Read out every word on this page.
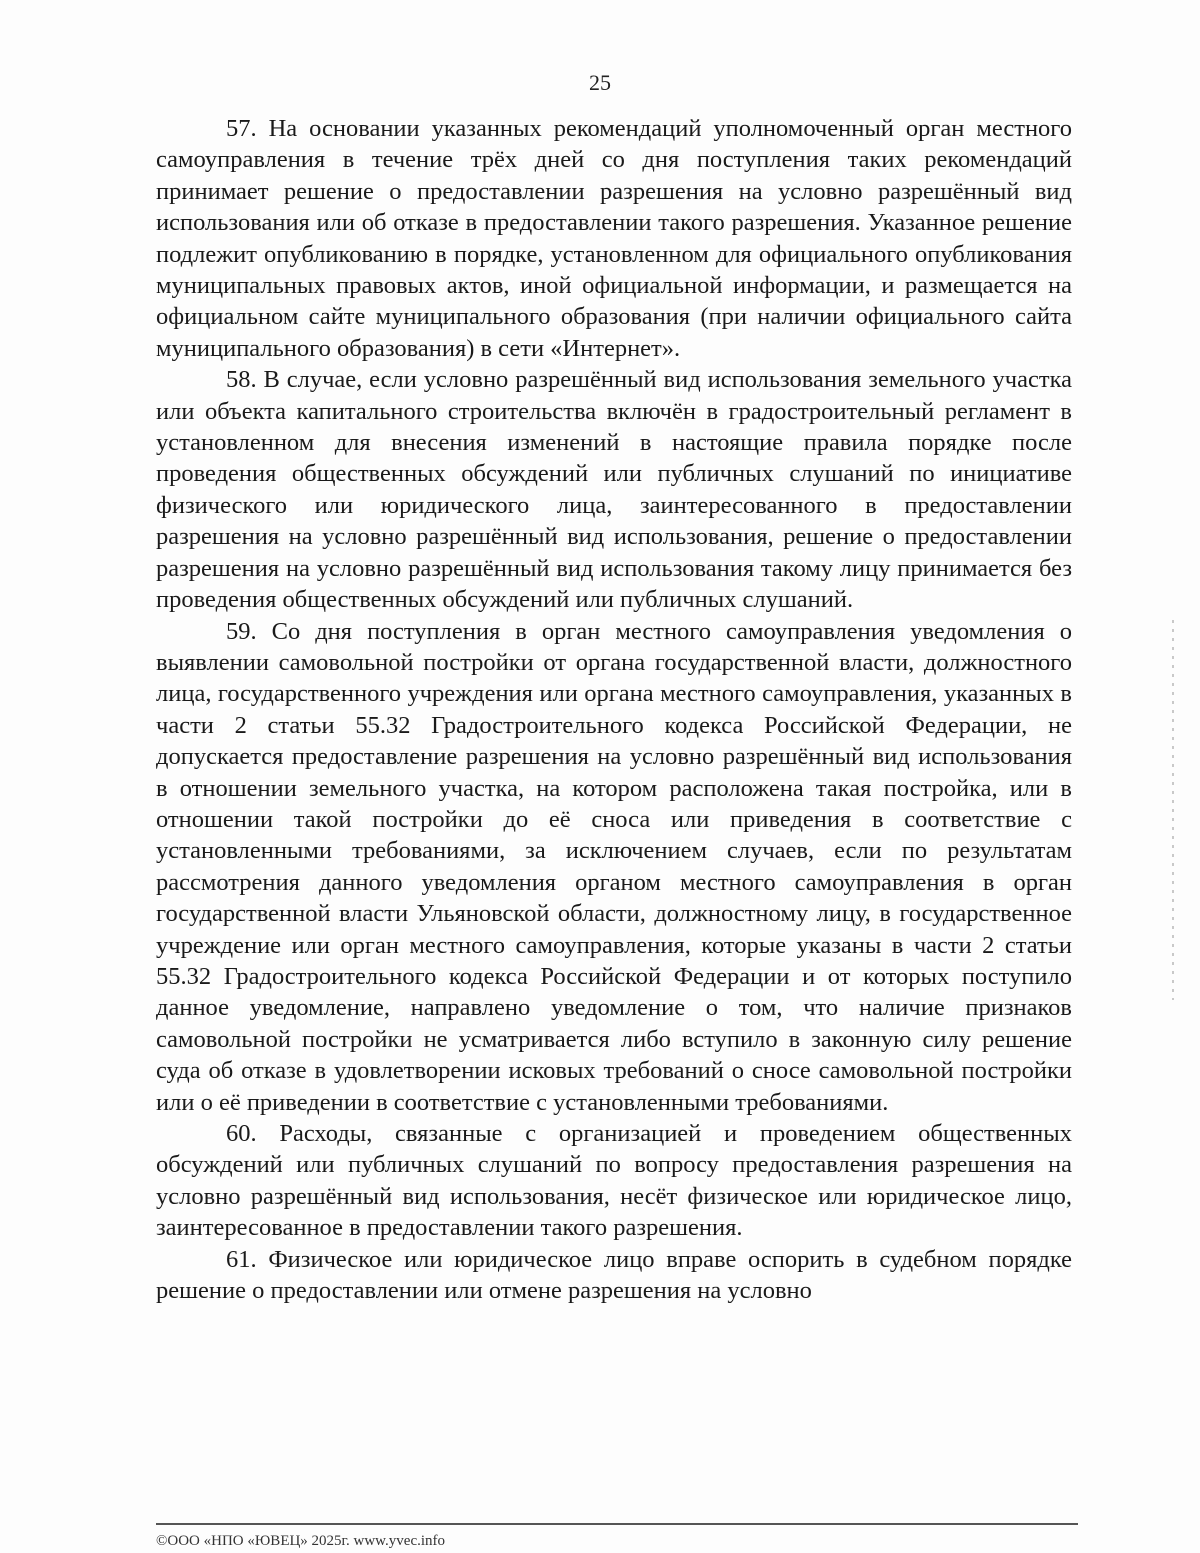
25

57. На основании указанных рекомендаций уполномоченный орган местного самоуправления в течение трёх дней со дня поступления таких рекомендаций принимает решение о предоставлении разрешения на условно разрешённый вид использования или об отказе в предоставлении такого разрешения. Указанное решение подлежит опубликованию в порядке, установленном для официального опубликования муниципальных правовых актов, иной официальной информации, и размещается на официальном сайте муниципального образования (при наличии официального сайта муниципального образования) в сети «Интернет».

58. В случае, если условно разрешённый вид использования земельного участка или объекта капитального строительства включён в градостроительный регламент в установленном для внесения изменений в настоящие правила порядке после проведения общественных обсуждений или публичных слушаний по инициативе физического или юридического лица, заинтересованного в предоставлении разрешения на условно разрешённый вид использования, решение о предоставлении разрешения на условно разрешённый вид использования такому лицу принимается без проведения общественных обсуждений или публичных слушаний.

59. Со дня поступления в орган местного самоуправления уведомления о выявлении самовольной постройки от органа государственной власти, должностного лица, государственного учреждения или органа местного самоуправления, указанных в части 2 статьи 55.32 Градостроительного кодекса Российской Федерации, не допускается предоставление разрешения на условно разрешённый вид использования в отношении земельного участка, на котором расположена такая постройка, или в отношении такой постройки до её сноса или приведения в соответствие с установленными требованиями, за исключением случаев, если по результатам рассмотрения данного уведомления органом местного самоуправления в орган государственной власти Ульяновской области, должностному лицу, в государственное учреждение или орган местного самоуправления, которые указаны в части 2 статьи 55.32 Градостроительного кодекса Российской Федерации и от которых поступило данное уведомление, направлено уведомление о том, что наличие признаков самовольной постройки не усматривается либо вступило в законную силу решение суда об отказе в удовлетворении исковых требований о сносе самовольной постройки или о её приведении в соответствие с установленными требованиями.

60. Расходы, связанные с организацией и проведением общественных обсуждений или публичных слушаний по вопросу предоставления разрешения на условно разрешённый вид использования, несёт физическое или юридическое лицо, заинтересованное в предоставлении такого разрешения.

61. Физическое или юридическое лицо вправе оспорить в судебном порядке решение о предоставлении или отмене разрешения на условно

©ООО «НПО «ЮВЕЦ» 2025г. www.yvec.info
